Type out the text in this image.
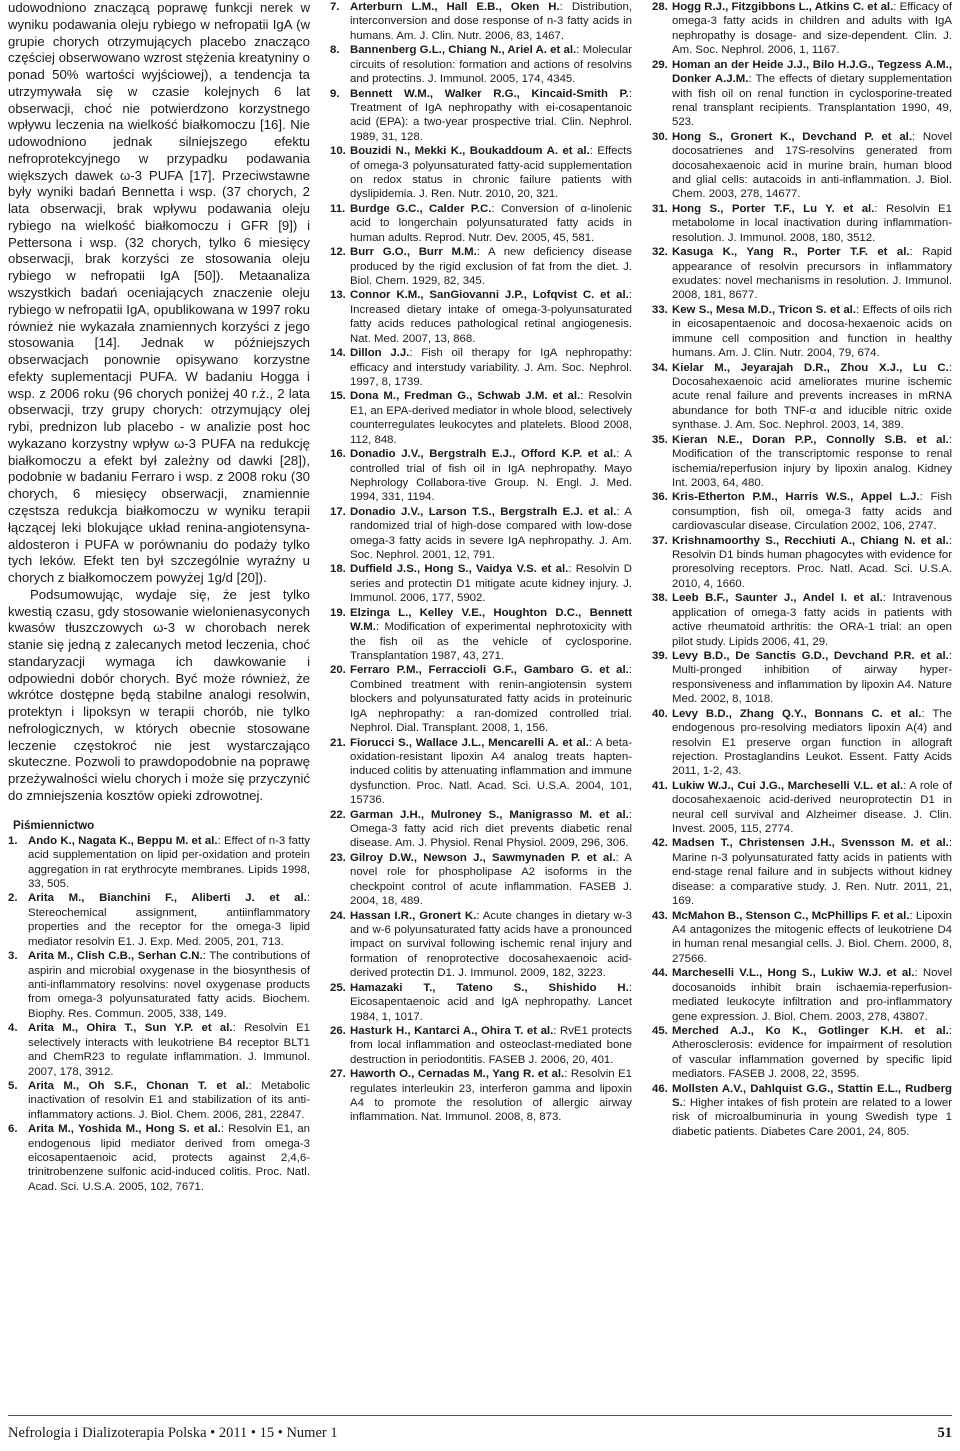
udowodniono znaczącą poprawę funkcji nerek w wyniku podawania oleju rybiego w nefropatii IgA (w grupie chorych otrzymujących placebo znacząco częściej obserwowano wzrost stężenia kreatyniny o ponad 50% wartości wyjściowej), a tendencja ta utrzymywała się w czasie kolejnych 6 lat obserwacji, choć nie potwierdzono korzystnego wpływu leczenia na wielkość białkomoczu [16]. Nie udowodniono jednak silniejszego efektu nefroprotekcyjnego w przypadku podawania większych dawek ω-3 PUFA [17]. Przeciwstawne były wyniki badań Bennetta i wsp. (37 chorych, 2 lata obserwacji, brak wpływu podawania oleju rybiego na wielkość białkomoczu i GFR [9]) i Pettersona i wsp. (32 chorych, tylko 6 miesięcy obserwacji, brak korzyści ze stosowania oleju rybiego w nefropatii IgA [50]). Metaanaliza wszystkich badań oceniających znaczenie oleju rybiego w nefropatii IgA, opublikowana w 1997 roku również nie wykazała znamiennych korzyści z jego stosowania [14]. Jednak w późniejszych obserwacjach ponownie opisywano korzystne efekty suplementacji PUFA. W badaniu Hogga i wsp. z 2006 roku (96 chorych poniżej 40 r.ż., 2 lata obserwacji, trzy grupy chorych: otrzymujący olej rybi, prednizon lub placebo - w analizie post hoc wykazano korzystny wpływ ω-3 PUFA na redukcję białkomoczu a efekt był zależny od dawki [28]), podobnie w badaniu Ferraro i wsp. z 2008 roku (30 chorych, 6 miesięcy obserwacji, znamiennie częstsza redukcja białkomoczu w wyniku terapii łączącej leki blokujące układ renina-angiotensyna-aldosteron i PUFA w porównaniu do podaży tylko tych leków. Efekt ten był szczególnie wyraźny u chorych z białkomoczem powyżej 1g/d [20]).

Podsumowując, wydaje się, że jest tylko kwestią czasu, gdy stosowanie wielonienasyconych kwasów tłuszczowych ω-3 w chorobach nerek stanie się jedną z zalecanych metod leczenia, choć standaryzacji wymaga ich dawkowanie i odpowiedni dobór chorych. Być może również, że wkrótce dostępne będą stabilne analogi resolwin, protektyn i lipoksyn w terapii chorób, nie tylko nefrologicznych, w których obecnie stosowane leczenie częstokroć nie jest wystarczająco skuteczne. Pozwoli to prawdopodobnie na poprawę przeżywalności wielu chorych i może się przyczynić do zmniejszenia kosztów opieki zdrowotnej.

Piśmiennictwo
1. Ando K., Nagata K., Beppu M. et al.: Effect of n-3 fatty acid supplementation on lipid per-oxidation and protein aggregation in rat erythrocyte membranes. Lipids 1998, 33, 505.
2. Arita M., Bianchini F., Aliberti J. et al.: Stereochemical assignment, antiinflammatory properties and the receptor for the omega-3 lipid mediator resolvin E1. J. Exp. Med. 2005, 201, 713.
3. Arita M., Clish C.B., Serhan C.N.: The contributions of aspirin and microbial oxygenase in the biosynthesis of anti-inflammatory resolvins: novel oxygenase products from omega-3 polyunsaturated fatty acids. Biochem. Biophy. Res. Commun. 2005, 338, 149.
4. Arita M., Ohira T., Sun Y.P. et al.: Resolvin E1 selectively interacts with leukotriene B4 receptor BLT1 and ChemR23 to regulate inflammation. J. Immunol. 2007, 178, 3912.
5. Arita M., Oh S.F., Chonan T. et al.: Metabolic inactivation of resolvin E1 and stabilization of its anti-inflammatory actions. J. Biol. Chem. 2006, 281, 22847.
6. Arita M., Yoshida M., Hong S. et al.: Resolvin E1, an endogenous lipid mediator derived from omega-3 eicosapentaenoic acid, protects against 2,4,6-trinitrobenzene sulfonic acid-induced colitis. Proc. Natl. Acad. Sci. U.S.A. 2005, 102, 7671.
7. Arterburn L.M., Hall E.B., Oken H.: Distribution, interconversion and dose response of n-3 fatty acids in humans. Am. J. Clin. Nutr. 2006, 83, 1467.
8. Bannenberg G.L., Chiang N., Ariel A. et al.: Molecular circuits of resolution: formation and actions of resolvins and protectins. J. Immunol. 2005, 174, 4345.
9. Bennett W.M., Walker R.G., Kincaid-Smith P.: Treatment of IgA nephropathy with ei-cosapentanoic acid (EPA): a two-year prospective trial. Clin. Nephrol. 1989, 31, 128.
10. Bouzidi N., Mekki K., Boukaddoum A. et al.: Effects of omega-3 polyunsaturated fatty-acid supplementation on redox status in chronic failure patients with dyslipidemia. J. Ren. Nutr. 2010, 20, 321.
11. Burdge G.C., Calder P.C.: Conversion of α-linolenic acid to longerchain polyunsaturated fatty acids in human adults. Reprod. Nutr. Dev. 2005, 45, 581.
12. Burr G.O., Burr M.M.: A new deficiency disease produced by the rigid exclusion of fat from the diet. J. Biol. Chem. 1929, 82, 345.
13. Connor K.M., SanGiovanni J.P., Lofqvist C. et al.: Increased dietary intake of omega-3-polyunsaturated fatty acids reduces pathological retinal angiogenesis. Nat. Med. 2007, 13, 868.
14. Dillon J.J.: Fish oil therapy for IgA nephropathy: efficacy and interstudy variability. J. Am. Soc. Nephrol. 1997, 8, 1739.
15. Dona M., Fredman G., Schwab J.M. et al.: Resolvin E1, an EPA-derived mediator in whole blood, selectively counterregulates leukocytes and platelets. Blood 2008, 112, 848.
16. Donadio J.V., Bergstralh E.J., Offord K.P. et al.: A controlled trial of fish oil in IgA nephropathy. Mayo Nephrology Collabora-tive Group. N. Engl. J. Med. 1994, 331, 1194.
17. Donadio J.V., Larson T.S., Bergstralh E.J. et al.: A randomized trial of high-dose compared with low-dose omega-3 fatty acids in severe IgA nephropathy. J. Am. Soc. Nephrol. 2001, 12, 791.
18. Duffield J.S., Hong S., Vaidya V.S. et al.: Resolvin D series and protectin D1 mitigate acute kidney injury. J. Immunol. 2006, 177, 5902.
19. Elzinga L., Kelley V.E., Houghton D.C., Bennett W.M.: Modification of experimental nephrotoxicity with the fish oil as the vehicle of cyclosporine. Transplantation 1987, 43, 271.
20. Ferraro P.M., Ferraccioli G.F., Gambaro G. et al.: Combined treatment with renin-angiotensin system blockers and polyunsaturated fatty acids in proteinuric IgA nephropathy: a ran-domized controlled trial. Nephrol. Dial. Transplant. 2008, 1, 156.
21. Fiorucci S., Wallace J.L., Mencarelli A. et al.: A beta-oxidation-resistant lipoxin A4 analog treats hapten-induced colitis by attenuating inflammation and immune dysfunction. Proc. Natl. Acad. Sci. U.S.A. 2004, 101, 15736.
22. Garman J.H., Mulroney S., Manigrasso M. et al.: Omega-3 fatty acid rich diet prevents diabetic renal disease. Am. J. Physiol. Renal Physiol. 2009, 296, 306.
23. Gilroy D.W., Newson J., Sawmynaden P. et al.: A novel role for phospholipase A2 isoforms in the checkpoint control of acute inflammation. FASEB J. 2004, 18, 489.
24. Hassan I.R., Gronert K.: Acute changes in dietary w-3 and w-6 polyunsaturated fatty acids have a pronounced impact on survival following ischemic renal injury and formation of renoprotective docosahexaenoic acid-derived protectin D1. J. Immunol. 2009, 182, 3223.
25. Hamazaki T., Tateno S., Shishido H.: Eicosapentaenoic acid and IgA nephropathy. Lancet 1984, 1, 1017.
26. Hasturk H., Kantarci A., Ohira T. et al.: RvE1 protects from local inflammation and osteoclast-mediated bone destruction in periodontitis. FASEB J. 2006, 20, 401.
27. Haworth O., Cernadas M., Yang R. et al.: Resolvin E1 regulates interleukin 23, interferon gamma and lipoxin A4 to promote the resolution of allergic airway inflammation. Nat. Immunol. 2008, 8, 873.
28. Hogg R.J., Fitzgibbons L., Atkins C. et al.: Efficacy of omega-3 fatty acids in children and adults with IgA nephropathy is dosage- and size-dependent. Clin. J. Am. Soc. Nephrol. 2006, 1, 1167.
29. Homan an der Heide J.J., Bilo H.J.G., Tegzess A.M., Donker A.J.M.: The effects of dietary supplementation with fish oil on renal function in cyclosporine-treated renal transplant recipients. Transplantation 1990, 49, 523.
30. Hong S., Gronert K., Devchand P. et al.: Novel docosatrienes and 17S-resolvins generated from docosahexaenoic acid in murine brain, human blood and glial cells: autacoids in anti-inflammation. J. Biol. Chem. 2003, 278, 14677.
31. Hong S., Porter T.F., Lu Y. et al.: Resolvin E1 metabolome in local inactivation during inflammation-resolution. J. Immunol. 2008, 180, 3512.
32. Kasuga K., Yang R., Porter T.F. et al.: Rapid appearance of resolvin precursors in inflammatory exudates: novel mechanisms in resolution. J. Immunol. 2008, 181, 8677.
33. Kew S., Mesa M.D., Tricon S. et al.: Effects of oils rich in eicosapentaenoic and docosa-hexaenoic acids on immune cell composition and function in healthy humans. Am. J. Clin. Nutr. 2004, 79, 674.
34. Kielar M., Jeyarajah D.R., Zhou X.J., Lu C.: Docosahexaenoic acid ameliorates murine ischemic acute renal failure and prevents increases in mRNA abundance for both TNF-α and iducible nitric oxide synthase. J. Am. Soc. Nephrol. 2003, 14, 389.
35. Kieran N.E., Doran P.P., Connolly S.B. et al.: Modification of the transcriptomic response to renal ischemia/reperfusion injury by lipoxin analog. Kidney Int. 2003, 64, 480.
36. Kris-Etherton P.M., Harris W.S., Appel L.J.: Fish consumption, fish oil, omega-3 fatty acids and cardiovascular disease. Circulation 2002, 106, 2747.
37. Krishnamoorthy S., Recchiuti A., Chiang N. et al.: Resolvin D1 binds human phagocytes with evidence for proresolving receptors. Proc. Natl. Acad. Sci. U.S.A. 2010, 4, 1660.
38. Leeb B.F., Saunter J., Andel I. et al.: Intravenous application of omega-3 fatty acids in patients with active rheumatoid arthritis: the ORA-1 trial: an open pilot study. Lipids 2006, 41, 29.
39. Levy B.D., De Sanctis G.D., Devchand P.R. et al.: Multi-pronged inhibition of airway hyper-responsiveness and inflammation by lipoxin A4. Nature Med. 2002, 8, 1018.
40. Levy B.D., Zhang Q.Y., Bonnans C. et al.: The endogenous pro-resolving mediators lipoxin A(4) and resolvin E1 preserve organ function in allograft rejection. Prostaglandins Leukot. Essent. Fatty Acids 2011, 1-2, 43.
41. Lukiw W.J., Cui J.G., Marcheselli V.L. et al.: A role of docosahexaenoic acid-derived neuroprotectin D1 in neural cell survival and Alzheimer disease. J. Clin. Invest. 2005, 115, 2774.
42. Madsen T., Christensen J.H., Svensson M. et al.: Marine n-3 polyunsaturated fatty acids in patients with end-stage renal failure and in subjects without kidney disease: a comparative study. J. Ren. Nutr. 2011, 21, 169.
43. McMahon B., Stenson C., McPhillips F. et al.: Lipoxin A4 antagonizes the mitogenic effects of leukotriene D4 in human renal mesangial cells. J. Biol. Chem. 2000, 8, 27566.
44. Marcheselli V.L., Hong S., Lukiw W.J. et al.: Novel docosanoids inhibit brain ischaemia-reperfusion-mediated leukocyte infiltration and pro-inflammatory gene expression. J. Biol. Chem. 2003, 278, 43807.
45. Merched A.J., Ko K., Gotlinger K.H. et al.: Atherosclerosis: evidence for impairment of resolution of vascular inflammation governed by specific lipid mediators. FASEB J. 2008, 22, 3595.
46. Mollsten A.V., Dahlquist G.G., Stattin E.L., Rudberg S.: Higher intakes of fish protein are related to a lower risk of microalbuminuria in young Swedish type 1 diabetic patients. Diabetes Care 2001, 24, 805.
Nefrologia i Dializoterapia Polska • 2011 • 15 • Numer 1	51
